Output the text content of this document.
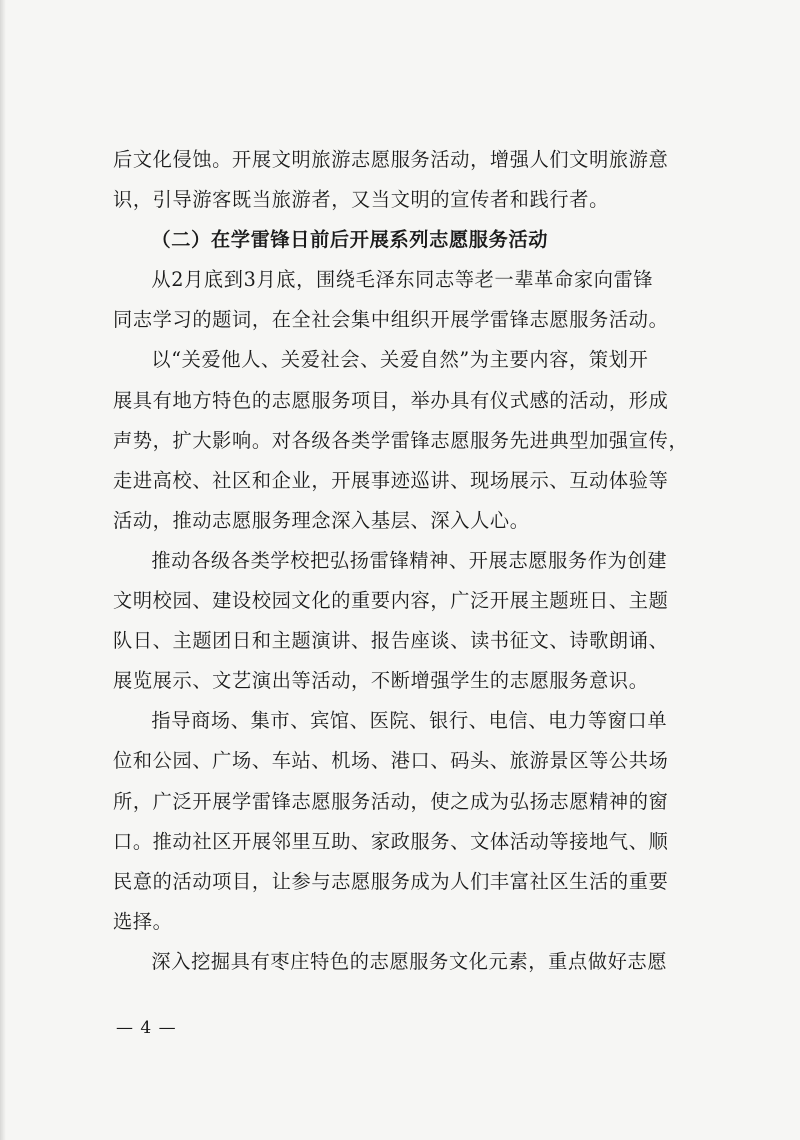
后文化侵蚀。开展文明旅游志愿服务活动，增强人们文明旅游意
识，引导游客既当旅游者，又当文明的宣传者和践行者。
（二）在学雷锋日前后开展系列志愿服务活动
从2月底到3月底，围绕毛泽东同志等老一辈革命家向雷锋
同志学习的题词，在全社会集中组织开展学雷锋志愿服务活动。
以“关爱他人、关爱社会、关爱自然”为主要内容，策划开
展具有地方特色的志愿服务项目，举办具有仪式感的活动，形成
声势，扩大影响。对各级各类学雷锋志愿服务先进典型加强宣传，
走进高校、社区和企业，开展事迹巡讲、现场展示、互动体验等
活动，推动志愿服务理念深入基层、深入人心。
推动各级各类学校把弘扬雷锋精神、开展志愿服务作为创建
文明校园、建设校园文化的重要内容，广泛开展主题班日、主题
队日、主题团日和主题演讲、报告座谈、读书征文、诗歌朗诵、
展览展示、文艺演出等活动，不断增强学生的志愿服务意识。
指导商场、集市、宾馆、医院、银行、电信、电力等窗口单
位和公园、广场、车站、机场、港口、码头、旅游景区等公共场
所，广泛开展学雷锋志愿服务活动，使之成为弘扬志愿精神的窗
口。推动社区开展邻里互助、家政服务、文体活动等接地气、顺
民意的活动项目，让参与志愿服务成为人们丰富社区生活的重要
选择。
深入挖掘具有枣庄特色的志愿服务文化元素，重点做好志愿
— 4 —
